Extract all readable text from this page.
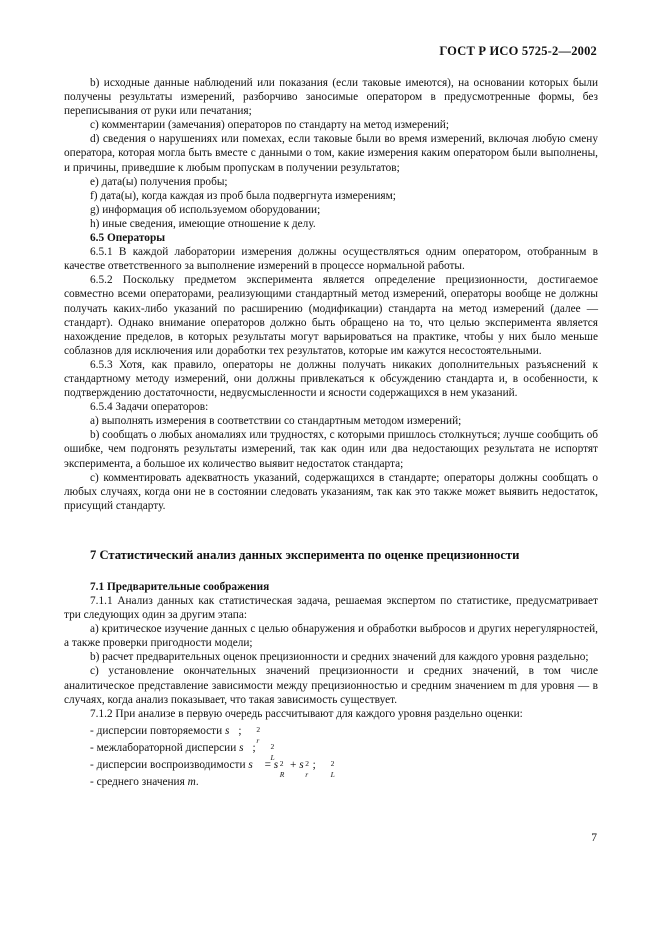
ГОСТ Р ИСО 5725-2—2002

b) исходные данные наблюдений или показания (если таковые имеются), на основании которых были получены результаты измерений, разборчиво заносимые оператором в предусмотренные формы, без переписывания от руки или печатания;

c) комментарии (замечания) операторов по стандарту на метод измерений;

d) сведения о нарушениях или помехах, если таковые были во время измерений, включая любую смену оператора, которая могла быть вместе с данными о том, какие измерения каким оператором были выполнены, и причины, приведшие к любым пропускам в получении результатов;

e) дата(ы) получения пробы;

f) дата(ы), когда каждая из проб была подвергнута измерениям;

g) информация об используемом оборудовании;

h) иные сведения, имеющие отношение к делу.

6.5 Операторы

6.5.1 В каждой лаборатории измерения должны осуществляться одним оператором, отобранным в качестве ответственного за выполнение измерений в процессе нормальной работы.

6.5.2 Поскольку предметом эксперимента является определение прецизионности, достигаемое совместно всеми операторами, реализующими стандартный метод измерений, операторы вообще не должны получать каких-либо указаний по расширению (модификации) стандарта на метод измерений (далее — стандарт). Однако внимание операторов должно быть обращено на то, что целью эксперимента является нахождение пределов, в которых результаты могут варьироваться на практике, чтобы у них было меньше соблазнов для исключения или доработки тех результатов, которые им кажутся несостоятельными.

6.5.3 Хотя, как правило, операторы не должны получать никаких дополнительных разъяснений к стандартному методу измерений, они должны привлекаться к обсуждению стандарта и, в особенности, к подтверждению достаточности, недвусмысленности и ясности содержащихся в нем указаний.

6.5.4 Задачи операторов:

a) выполнять измерения в соответствии со стандартным методом измерений;

b) сообщать о любых аномалиях или трудностях, с которыми пришлось столкнуться; лучше сообщить об ошибке, чем подгонять результаты измерений, так как один или два недостающих результата не испортят эксперимента, а большое их количество выявит недостаток стандарта;

c) комментировать адекватность указаний, содержащихся в стандарте; операторы должны сообщать о любых случаях, когда они не в состоянии следовать указаниям, так как это также может выявить недостаток, присущий стандарту.

7 Статистический анализ данных эксперимента по оценке прецизионности

7.1 Предварительные соображения

7.1.1 Анализ данных как статистическая задача, решаемая экспертом по статистике, предусматривает три следующих один за другим этапа:

a) критическое изучение данных с целью обнаружения и обработки выбросов и других нерегулярностей, а также проверки пригодности модели;

b) расчет предварительных оценок прецизионности и средних значений для каждого уровня раздельно;

c) установление окончательных значений прецизионности и средних значений, в том числе аналитическое представление зависимости между прецизионностью и средним значением m для уровня — в случаях, когда анализ показывает, что такая зависимость существует.

7.1.2 При анализе в первую очередь рассчитывают для каждого уровня раздельно оценки:

- дисперсии повторяемости s	2
r
;

- межлабораторной дисперсии s	2
L
;

- дисперсии воспроизводимости s	2
R
= s	2
r
+ s	2
L
;

- среднего значения m.

7
